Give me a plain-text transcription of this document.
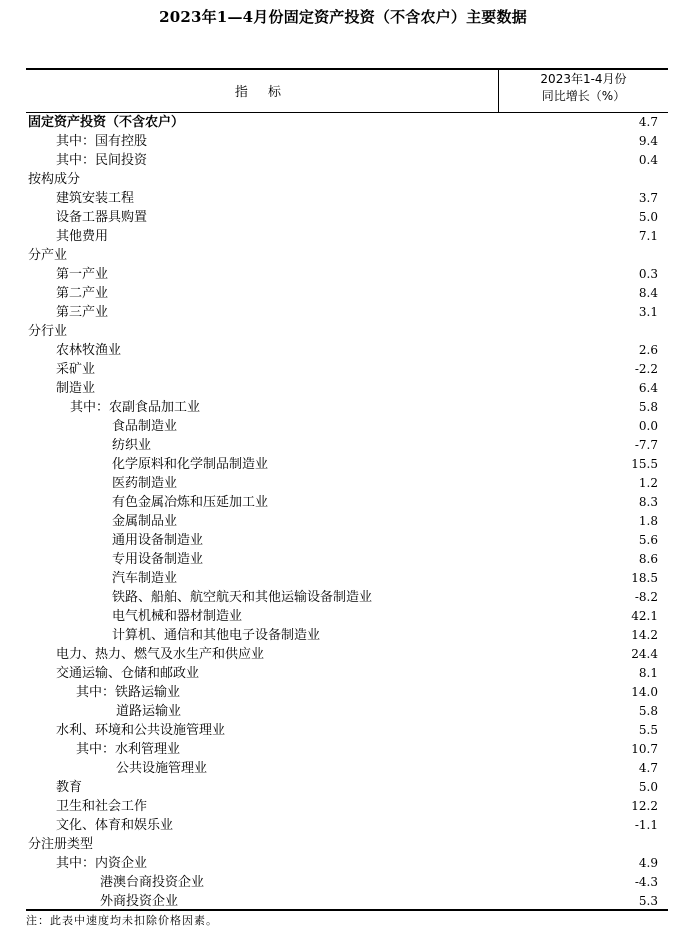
2023年1—4月份固定资产投资（不含农户）主要数据
指 标
2023年1-4月份
同比增长（%）
固定资产投资（不含农户）	4.7
其中：国有控股	9.4
其中：民间投资	0.4
按构成分
建筑安装工程	3.7
设备工器具购置	5.0
其他费用	7.1
分产业
第一产业	0.3
第二产业	8.4
第三产业	3.1
分行业
农林牧渔业	2.6
采矿业	-2.2
制造业	6.4
其中：农副食品加工业	5.8
食品制造业	0.0
纺织业	-7.7
化学原料和化学制品制造业	15.5
医药制造业	1.2
有色金属冶炼和压延加工业	8.3
金属制品业	1.8
通用设备制造业	5.6
专用设备制造业	8.6
汽车制造业	18.5
铁路、船舶、航空航天和其他运输设备制造业	-8.2
电气机械和器材制造业	42.1
计算机、通信和其他电子设备制造业	14.2
电力、热力、燃气及水生产和供应业	24.4
交通运输、仓储和邮政业	8.1
其中：铁路运输业	14.0
道路运输业	5.8
水利、环境和公共设施管理业	5.5
其中：水利管理业	10.7
公共设施管理业	4.7
教育	5.0
卫生和社会工作	12.2
文化、体育和娱乐业	-1.1
分注册类型
其中：内资企业	4.9
港澳台商投资企业	-4.3
外商投资企业	5.3
注：此表中速度均未扣除价格因素。
